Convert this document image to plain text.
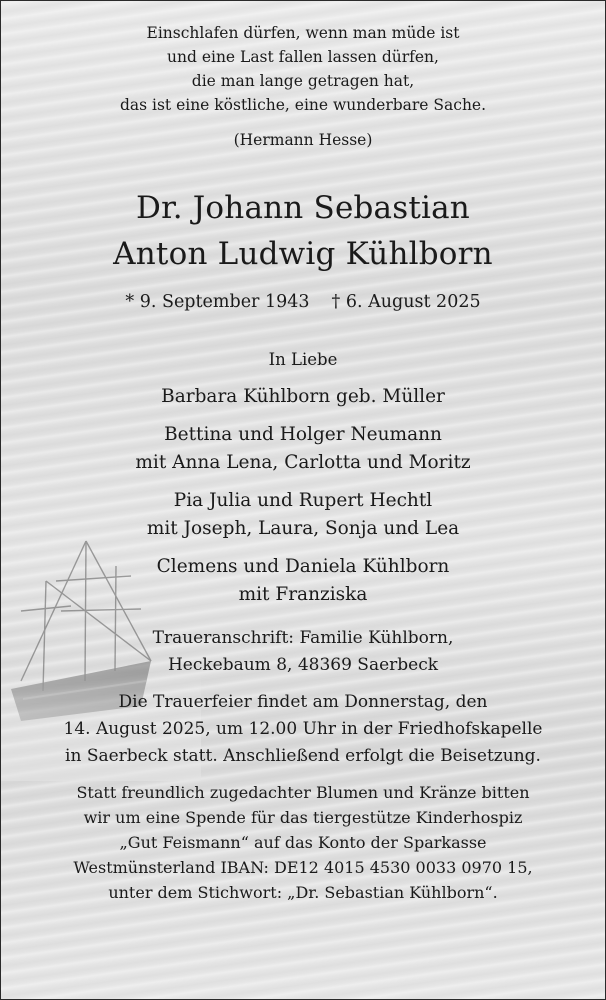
Einschlafen dürfen, wenn man müde ist
und eine Last fallen lassen dürfen,
die man lange getragen hat,
das ist eine köstliche, eine wunderbare Sache.
(Hermann Hesse)
Dr. Johann Sebastian
Anton Ludwig Kühlborn
* 9. September 1943 † 6. August 2025
In Liebe
Barbara Kühlborn geb. Müller
Bettina und Holger Neumann
mit Anna Lena, Carlotta und Moritz
Pia Julia und Rupert Hechtl
mit Joseph, Laura, Sonja und Lea
Clemens und Daniela Kühlborn
mit Franziska
Traueranschrift: Familie Kühlborn,
Heckebaum 8, 48369 Saerbeck
Die Trauerfeier findet am Donnerstag, den
14. August 2025, um 12.00 Uhr in der Friedhofskapelle
in Saerbeck statt. Anschließend erfolgt die Beisetzung.
Statt freundlich zugedachter Blumen und Kränze bitten
wir um eine Spende für das tiergestütze Kinderhospiz
„Gut Feismann“ auf das Konto der Sparkasse
Westmünsterland IBAN: DE12 4015 4530 0033 0970 15,
unter dem Stichwort: „Dr. Sebastian Kühlborn“.
